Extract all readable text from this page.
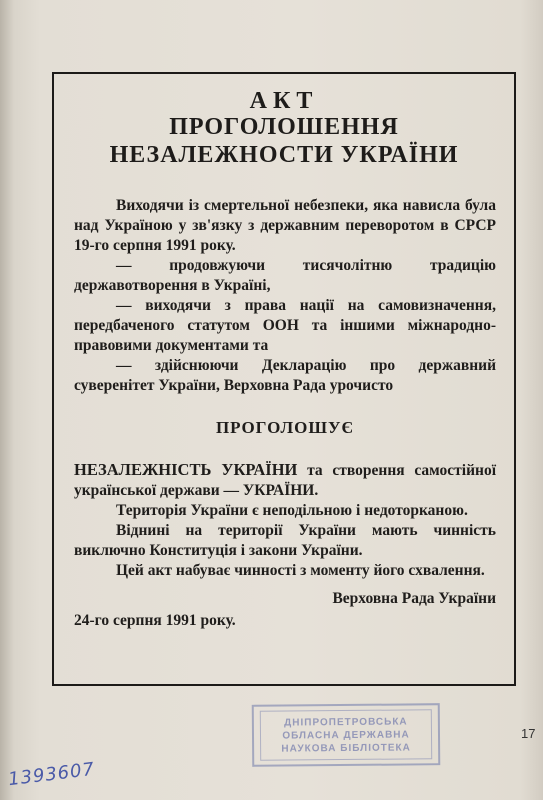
АКТ
ПРОГОЛОШЕННЯ
НЕЗАЛЕЖНОСТИ УКРАЇНИ

Виходячи із смертельної небезпеки, яка нависла була над Україною у зв'язку з державним переворотом в СРСР 19-го серпня 1991 року.

— продовжуючи тисячолітню традицію державотворення в Україні,

— виходячи з права нації на самовизначення, передбаченого статутом ООН та іншими міжнародно-правовими документами та

— здійснюючи Декларацію про державний суверенітет України, Верховна Рада урочисто

ПРОГОЛОШУЄ

НЕЗАЛЕЖНІСТЬ УКРАЇНИ та створення самостійної української держави — УКРАЇНИ.

Територія України є неподільною і недоторканою.

Віднині на території України мають чинність виключно Конституція і закони України.

Цей акт набуває чинності з моменту його схвалення.

Верховна Рада України

24-го серпня 1991 року.

17
ДНІПРОПЕТРОВСЬКА
ОБЛАСНА ДЕРЖАВНА
НАУКОВА БІБЛІОТЕКА
1393607
